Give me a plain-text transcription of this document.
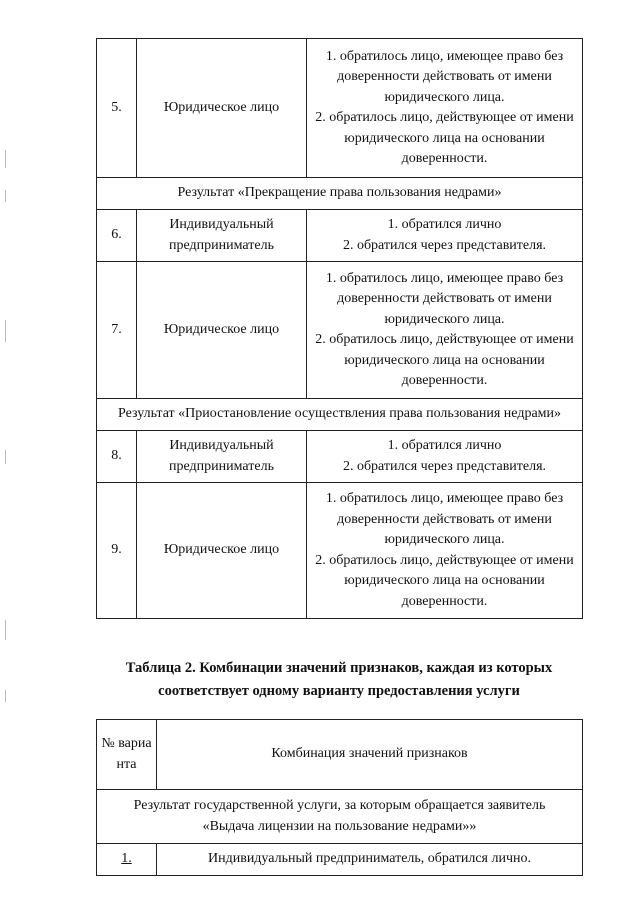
5.	Юридическое лицо	1. обратилось лицо, имеющее право без доверенности действовать от имени юридического лица.
2. обратилось лицо, действующее от имени юридического лица на основании доверенности.
Результат «Прекращение права пользования недрами»		
6.	Индивидуальный предприниматель	1. обратился лично
2. обратился через представителя.
7.	Юридическое лицо	1. обратилось лицо, имеющее право без доверенности действовать от имени юридического лица.
2. обратилось лицо, действующее от имени юридического лица на основании доверенности.
Результат «Приостановление осуществления права пользования недрами»		
8.	Индивидуальный предприниматель	1. обратился лично
2. обратился через представителя.
9.	Юридическое лицо	1. обратилось лицо, имеющее право без доверенности действовать от имени юридического лица.
2. обратилось лицо, действующее от имени юридического лица на основании доверенности.

Таблица 2. Комбинации значений признаков, каждая из которых соответствует одному варианту предоставления услуги

№ варианта	Комбинация значений признаков
Результат государственной услуги, за которым обращается заявитель «Выдача лицензии на пользование недрами»»	
1.	Индивидуальный предприниматель, обратился лично.
